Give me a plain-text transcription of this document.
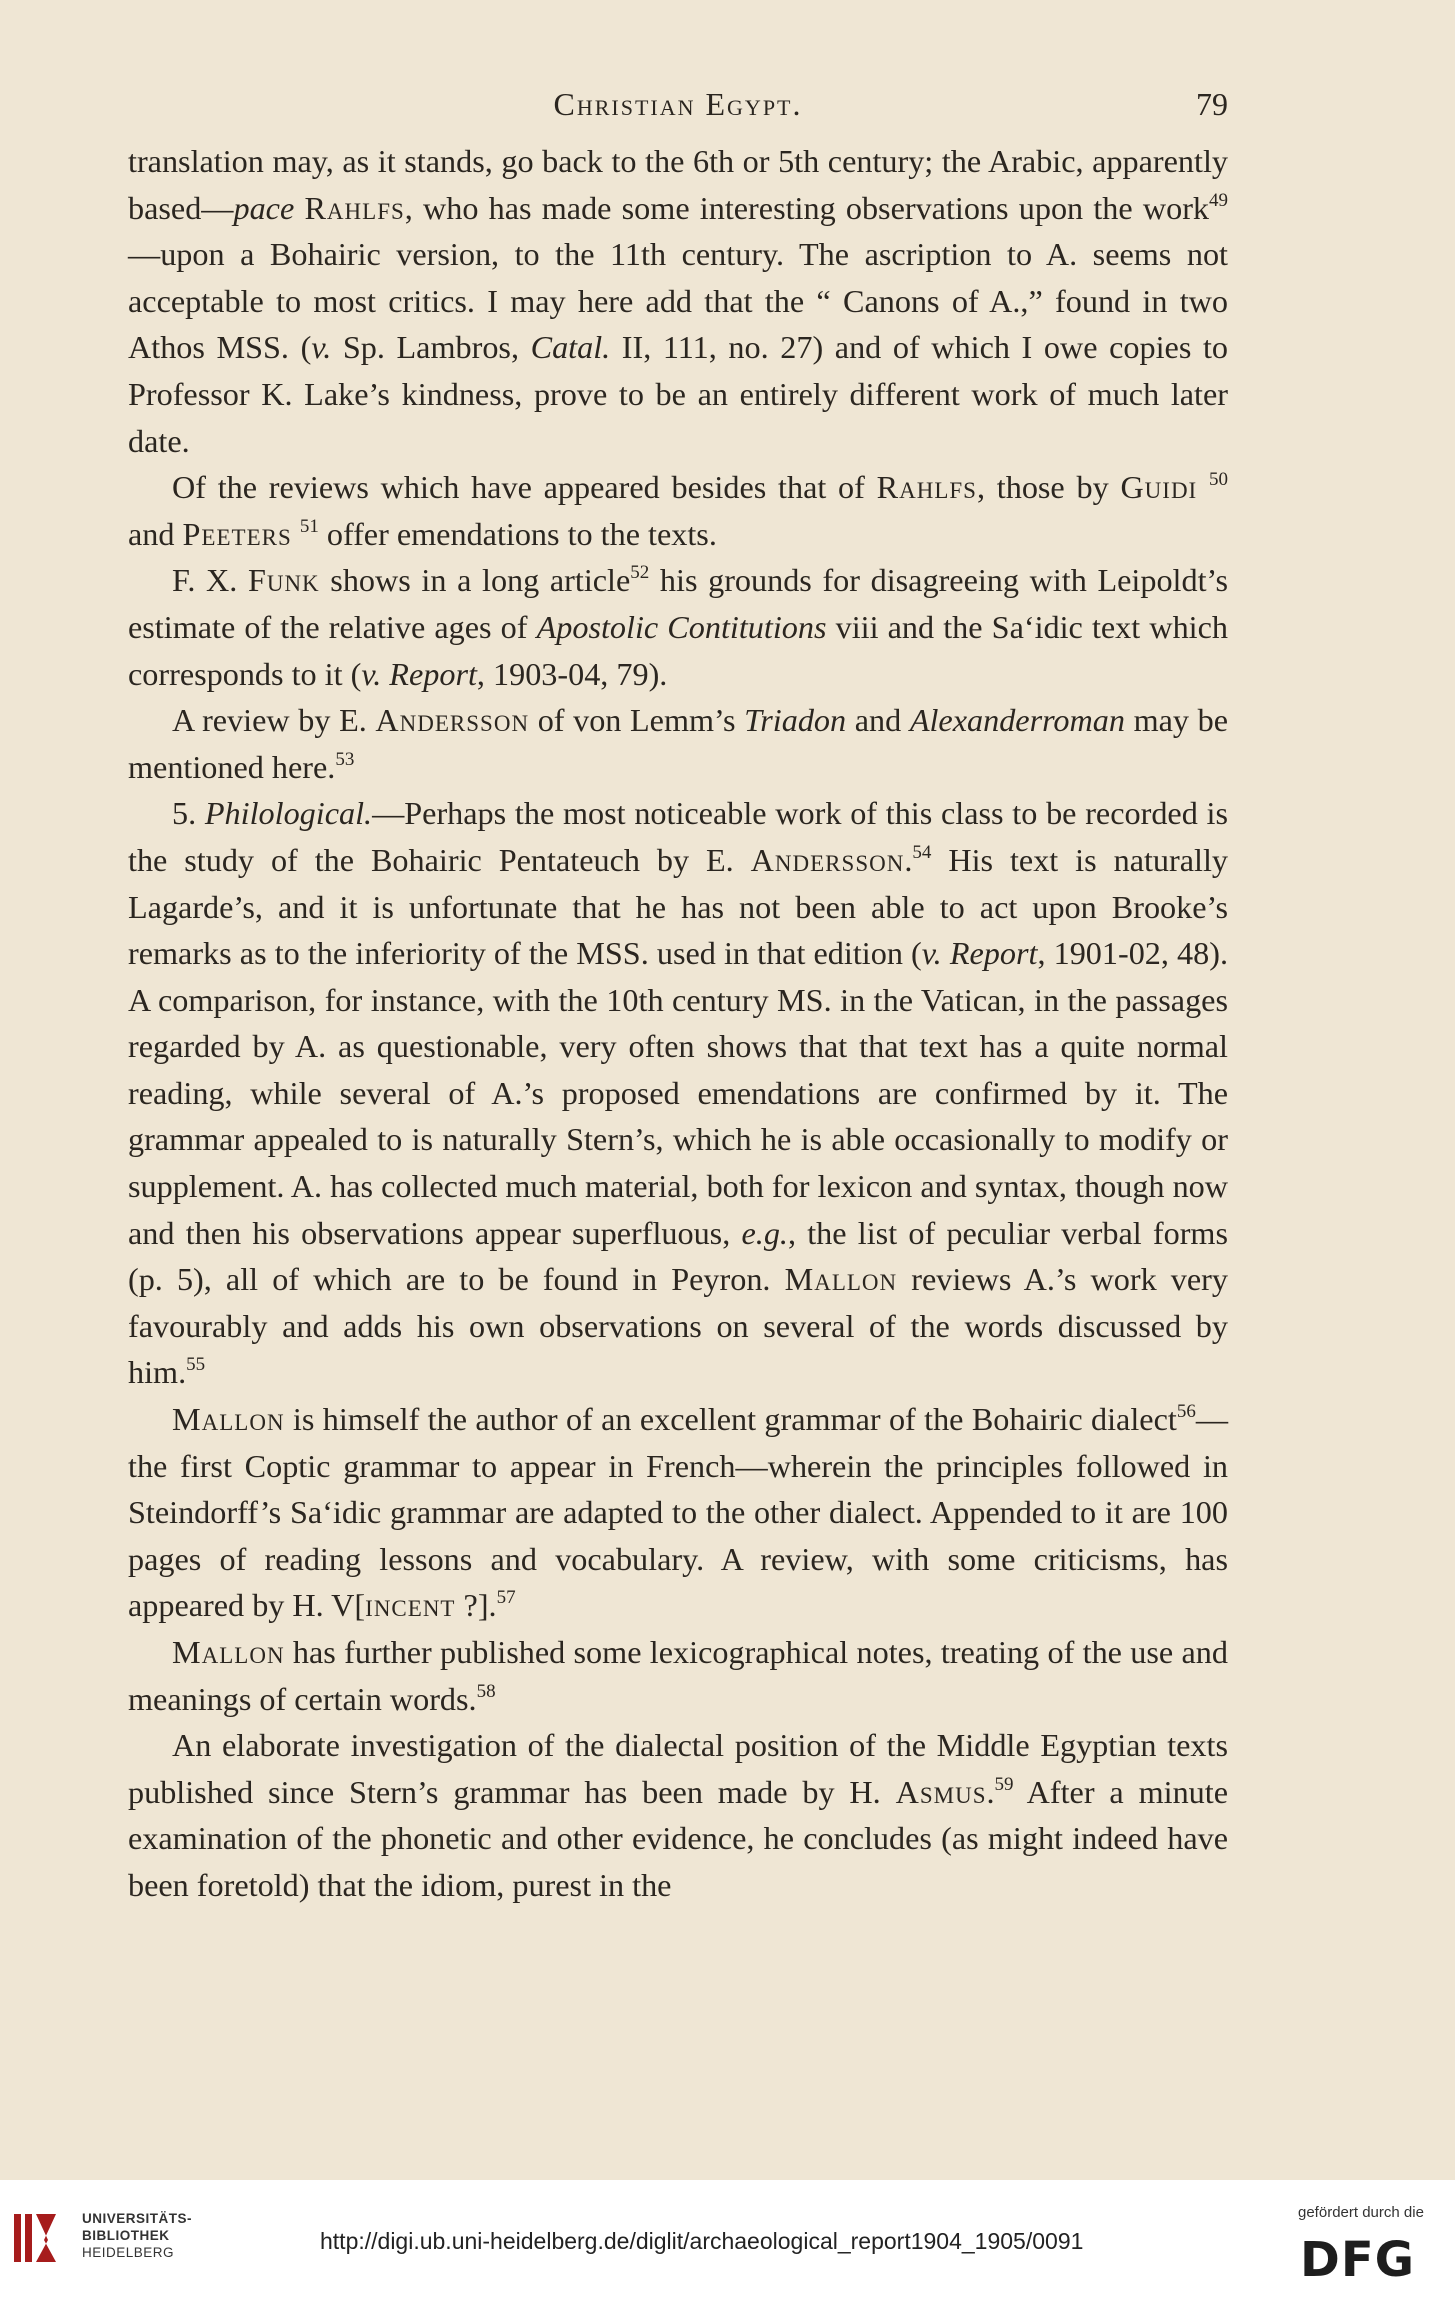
Christian Egypt.	79

translation may, as it stands, go back to the 6th or 5th century; the Arabic, apparently based—pace Rahlfs, who has made some interesting observations upon the work$^{49}$—upon a Bohairic version, to the 11th century. The ascription to A. seems not acceptable to most critics. I may here add that the “ Canons of A.,” found in two Athos MSS. (v. Sp. Lambros, Catal. II, 111, no. 27) and of which I owe copies to Professor K. Lake’s kindness, prove to be an entirely different work of much later date.

Of the reviews which have appeared besides that of Rahlfs, those by Guidi $^{50}$ and Peeters $^{51}$ offer emendations to the texts.

F. X. Funk shows in a long article$^{52}$ his grounds for disagreeing with Leipoldt’s estimate of the relative ages of Apostolic Contitutions viii and the Sa‘idic text which corresponds to it (v. Report, 1903-04, 79).

A review by E. Andersson of von Lemm’s Triadon and Alexanderroman may be mentioned here.$^{53}$

5. Philological.—Perhaps the most noticeable work of this class to be recorded is the study of the Bohairic Pentateuch by E. Andersson.$^{54}$ His text is naturally Lagarde’s, and it is unfortunate that he has not been able to act upon Brooke’s remarks as to the inferiority of the MSS. used in that edition (v. Report, 1901-02, 48). A comparison, for instance, with the 10th century MS. in the Vatican, in the passages regarded by A. as questionable, very often shows that that text has a quite normal reading, while several of A.’s proposed emendations are confirmed by it. The grammar appealed to is naturally Stern’s, which he is able occasionally to modify or supplement. A. has collected much material, both for lexicon and syntax, though now and then his observations appear superfluous, e.g., the list of peculiar verbal forms (p. 5), all of which are to be found in Peyron. Mallon reviews A.’s work very favourably and adds his own observations on several of the words discussed by him.$^{55}$

Mallon is himself the author of an excellent grammar of the Bohairic dialect$^{56}$—the first Coptic grammar to appear in French—wherein the principles followed in Steindorff’s Sa‘idic grammar are adapted to the other dialect. Appended to it are 100 pages of reading lessons and vocabulary. A review, with some criticisms, has appeared by H. V[incent ?].$^{57}$

Mallon has further published some lexicographical notes, treating of the use and meanings of certain words.$^{58}$

An elaborate investigation of the dialectal position of the Middle Egyptian texts published since Stern’s grammar has been made by H. Asmus.$^{59}$ After a minute examination of the phonetic and other evidence, he concludes (as might indeed have been foretold) that the idiom, purest in the

UNIVERSITÄTS-
BIBLIOTHEK
HEIDELBERG	http://digi.ub.uni-heidelberg.de/diglit/archaeological_report1904_1905/0091
gefördert durch die
DFG
